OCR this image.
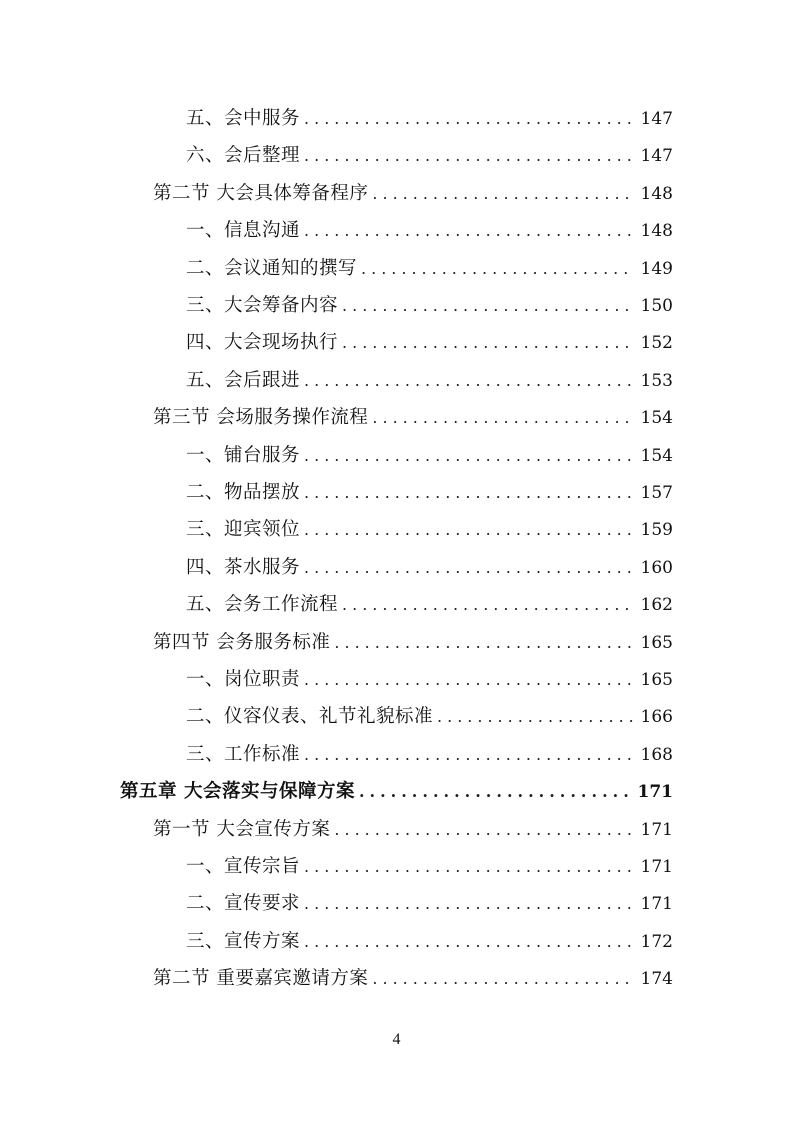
五、会中服务 .....	147
六、会后整理 .....	147
第二节 大会具体筹备程序 .....	148
一、信息沟通 .....	148
二、会议通知的撰写 .....	149
三、大会筹备内容 .....	150
四、大会现场执行 .....	152
五、会后跟进 .....	153
第三节 会场服务操作流程 .....	154
一、铺台服务 .....	154
二、物品摆放 .....	157
三、迎宾领位 .....	159
四、茶水服务 .....	160
五、会务工作流程 .....	162
第四节 会务服务标准 .....	165
一、岗位职责 .....	165
二、仪容仪表、礼节礼貌标准 .....	166
三、工作标准 .....	168
第五章 大会落实与保障方案 .....	171
第一节 大会宣传方案 .....	171
一、宣传宗旨 .....	171
二、宣传要求 .....	171
三、宣传方案 .....	172
第二节 重要嘉宾邀请方案 .....	174
4
